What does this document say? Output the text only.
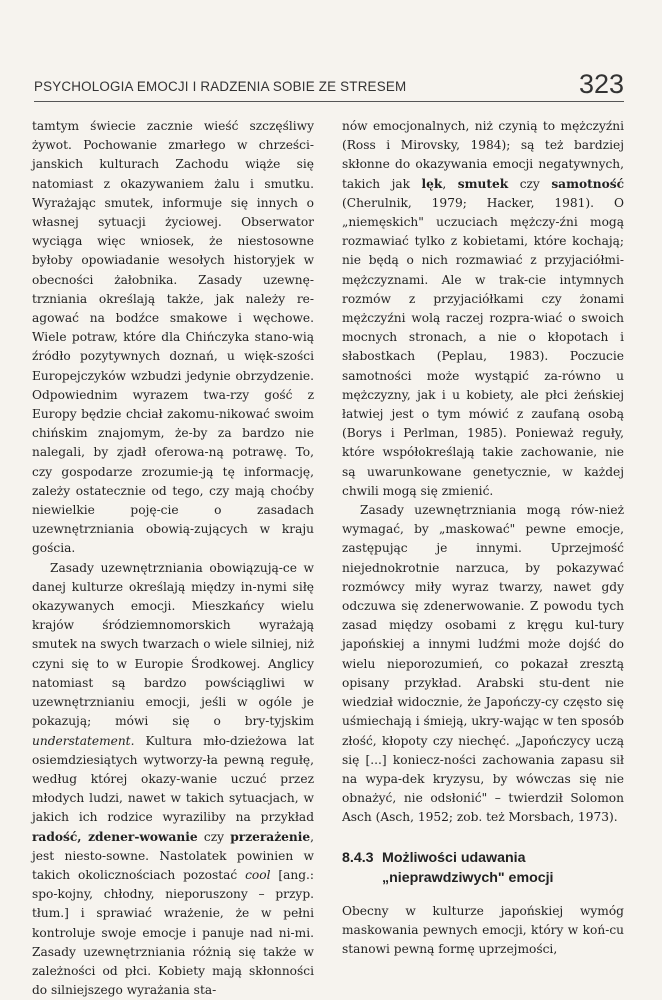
PSYCHOLOGIA EMOCJI I RADZENIA SOBIE ZE STRESEM	323

tamtym świecie zacznie wieść szczęśliwy żywot. Pochowanie zmarłego w chrześci-janskich kulturach Zachodu wiąże się natomiast z okazywaniem żalu i smutku. Wyrażając smutek, informuje się innych o własnej sytuacji życiowej. Obserwator wyciąga więc wniosek, że niestosowne byłoby opowiadanie wesołych historyjek w obecności żałobnika. Zasady uzewnę-trzniania określają także, jak należy re-agować na bodźce smakowe i węchowe. Wiele potraw, które dla Chińczyka stano-wią źródło pozytywnych doznań, u więk-szości Europejczyków wzbudzi jedynie obrzydzenie. Odpowiednim wyrazem twa-rzy gość z Europy będzie chciał zakomu-nikować swoim chińskim znajomym, że-by za bardzo nie nalegali, by zjadł oferowa-ną potrawę. To, czy gospodarze zrozumie-ją tę informację, zależy ostatecznie od tego, czy mają choćby niewielkie poję-cie o zasadach uzewnętrzniania obowią-zujących w kraju gościa.

Zasady uzewnętrzniania obowiązują-ce w danej kulturze określają między in-nymi siłę okazywanych emocji. Mieszkańcy wielu krajów śródziemnomorskich wyrażają smutek na swych twarzach o wiele silniej, niż czyni się to w Europie Środkowej. Anglicy natomiast są bardzo powściągliwi w uzewnętrznianiu emocji, jeśli w ogóle je pokazują; mówi się o bry-tyjskim understatement. Kultura mło-dzieżowa lat osiemdziesiątych wytworzy-ła pewną regułę, według której okazy-wanie uczuć przez młodych ludzi, nawet w takich sytuacjach, w jakich ich rodzice wyraziliby na przykład radość, zdener-wowanie czy przerażenie, jest niesto-sowne. Nastolatek powinien w takich okolicznościach pozostać cool [ang.: spo-kojny, chłodny, nieporuszony – przyp. tłum.] i sprawiać wrażenie, że w pełni kontroluje swoje emocje i panuje nad ni-mi. Zasady uzewnętrzniania różnią się także w zależności od płci. Kobiety mają skłonności do silniejszego wyrażania sta-

nów emocjonalnych, niż czynią to mężczyźni (Ross i Mirovsky, 1984); są też bardziej skłonne do okazywania emocji negatywnych, takich jak lęk, smutek czy samotność (Cherulnik, 1979; Hacker, 1981). O „niemęskich" uczuciach mężczy-źni mogą rozmawiać tylko z kobietami, które kochają; nie będą o nich rozmawiać z przyjaciółmi-mężczyznami. Ale w trak-cie intymnych rozmów z przyjaciółkami czy żonami mężczyźni wolą raczej rozpra-wiać o swoich mocnych stronach, a nie o kłopotach i słabostkach (Peplau, 1983). Poczucie samotności może wystąpić za-równo u mężczyzny, jak i u kobiety, ale płci żeńskiej łatwiej jest o tym mówić z zaufaną osobą (Borys i Perlman, 1985). Ponieważ reguły, które współokreślają takie zachowanie, nie są uwarunkowane genetycznie, w każdej chwili mogą się zmienić.

Zasady uzewnętrzniania mogą rów-nież wymagać, by „maskować" pewne emocje, zastępując je innymi. Uprzejmość niejednokrotnie narzuca, by pokazywać rozmówcy miły wyraz twarzy, nawet gdy odczuwa się zdenerwowanie. Z powodu tych zasad między osobami z kręgu kul-tury japońskiej a innymi ludźmi może dojść do wielu nieporozumień, co pokazał zresztą opisany przykład. Arabski stu-dent nie wiedział widocznie, że Japończy-cy często się uśmiechają i śmieją, ukry-wając w ten sposób złość, kłopoty czy niechęć. „Japończycy uczą się [...] koniecz-ności zachowania zapasu sił na wypa-dek kryzysu, by wówczas się nie obnażyć, nie odsłonić" – twierdził Solomon Asch (Asch, 1952; zob. też Morsbach, 1973).

8.4.3 Możliwości udawania „nieprawdziwych" emocji

Obecny w kulturze japońskiej wymóg maskowania pewnych emocji, który w koń-cu stanowi pewną formę uprzejmości,
